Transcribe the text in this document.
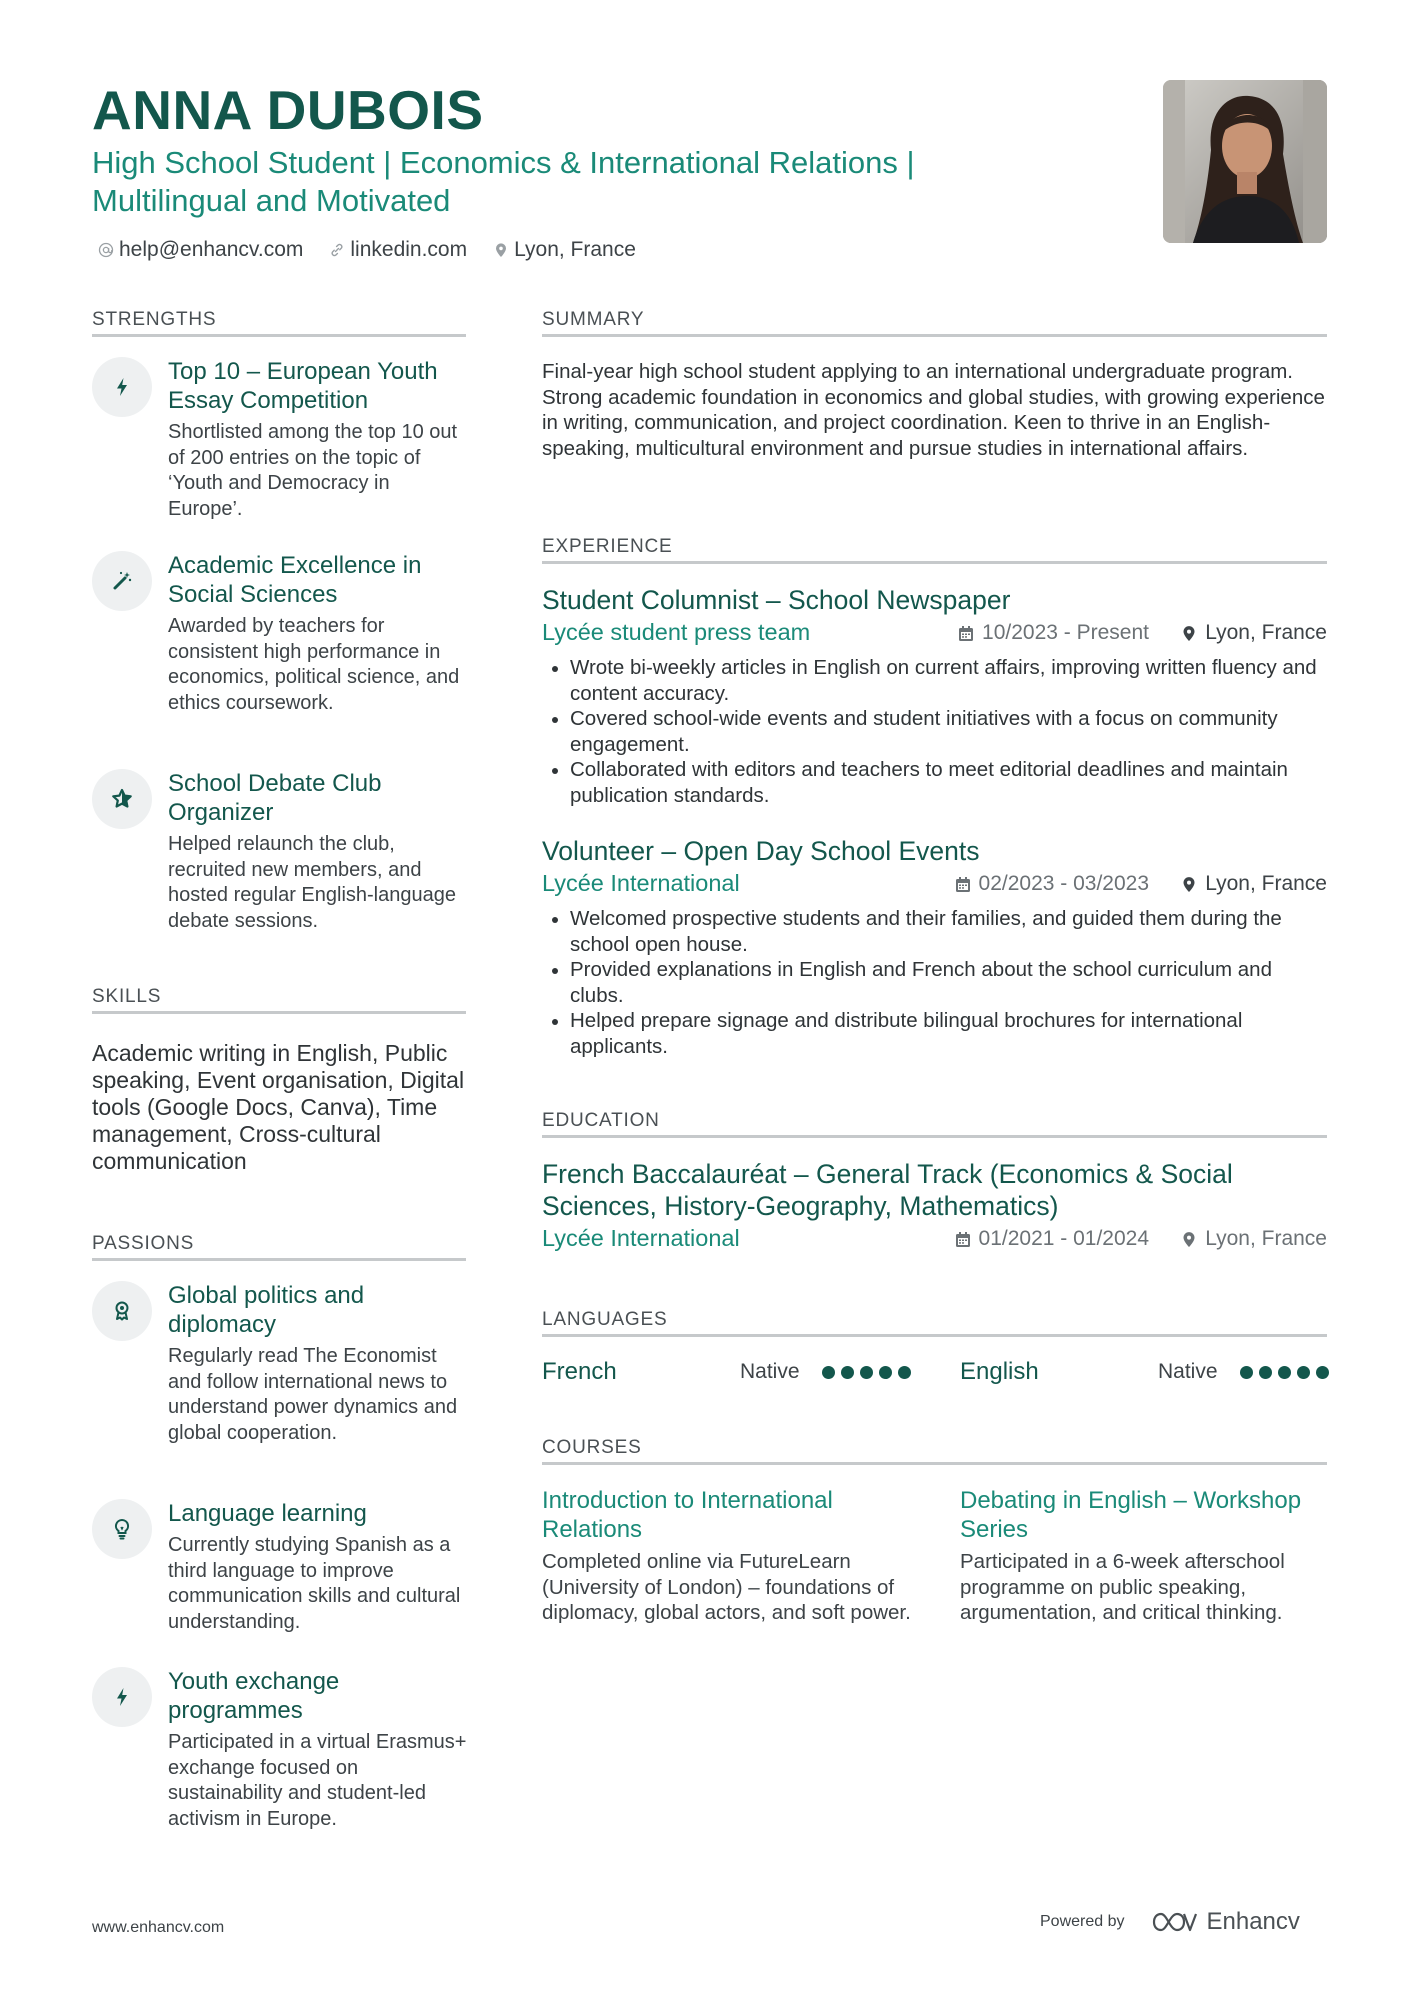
ANNA DUBOIS
High School Student | Economics & International Relations | Multilingual and Motivated
help@enhancv.com linkedin.com Lyon, France
STRENGTHS
Top 10 – European Youth Essay Competition
Shortlisted among the top 10 out of 200 entries on the topic of ‘Youth and Democracy in Europe’.
Academic Excellence in Social Sciences
Awarded by teachers for consistent high performance in economics, political science, and ethics coursework.
School Debate Club Organizer
Helped relaunch the club, recruited new members, and hosted regular English-language debate sessions.
SKILLS
Academic writing in English, Public speaking, Event organisation, Digital tools (Google Docs, Canva), Time management, Cross-cultural communication
PASSIONS
Global politics and diplomacy
Regularly read The Economist and follow international news to understand power dynamics and global cooperation.
Language learning
Currently studying Spanish as a third language to improve communication skills and cultural understanding.
Youth exchange programmes
Participated in a virtual Erasmus+ exchange focused on sustainability and student-led activism in Europe.
SUMMARY
Final-year high school student applying to an international undergraduate program. Strong academic foundation in economics and global studies, with growing experience in writing, communication, and project coordination. Keen to thrive in an English-speaking, multicultural environment and pursue studies in international affairs.
EXPERIENCE
Student Columnist – School Newspaper
Lycée student press team	10/2023 - Present	Lyon, France
Wrote bi-weekly articles in English on current affairs, improving written fluency and content accuracy.
Covered school-wide events and student initiatives with a focus on community engagement.
Collaborated with editors and teachers to meet editorial deadlines and maintain publication standards.
Volunteer – Open Day School Events
Lycée International	02/2023 - 03/2023	Lyon, France
Welcomed prospective students and their families, and guided them during the school open house.
Provided explanations in English and French about the school curriculum and clubs.
Helped prepare signage and distribute bilingual brochures for international applicants.
EDUCATION
French Baccalauréat – General Track (Economics & Social Sciences, History-Geography, Mathematics)
Lycée International	01/2021 - 01/2024	Lyon, France
LANGUAGES
French	Native	English	Native
COURSES
Introduction to International Relations
Completed online via FutureLearn (University of London) – foundations of diplomacy, global actors, and soft power.
Debating in English – Workshop Series
Participated in a 6-week afterschool programme on public speaking, argumentation, and critical thinking.
www.enhancv.com	Powered by	Enhancv
